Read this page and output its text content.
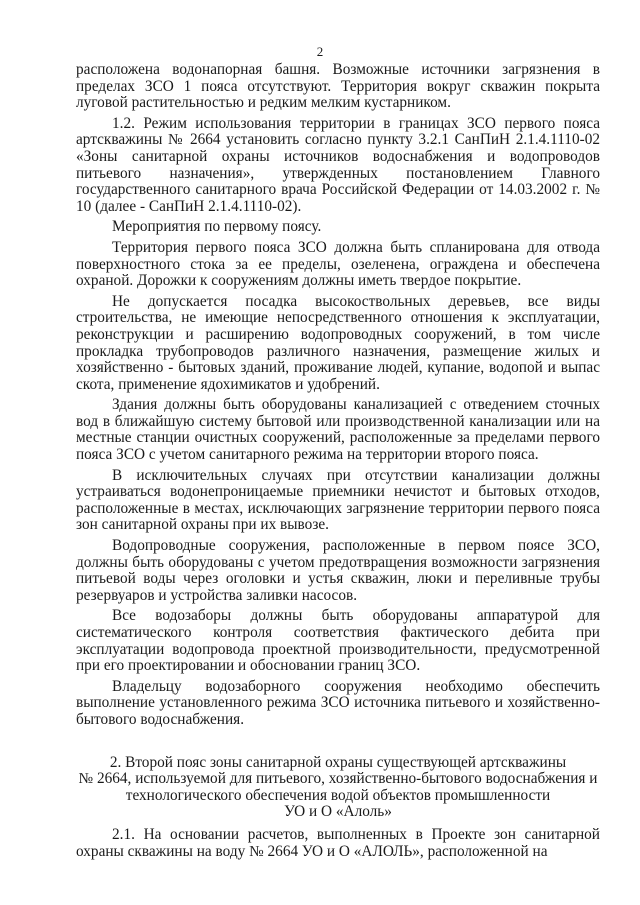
2

расположена водонапорная башня. Возможные источники загрязнения в пределах ЗСО 1 пояса отсутствуют. Территория вокруг скважин покрыта луговой растительностью и редким мелким кустарником.

1.2. Режим использования территории в границах ЗСО первого пояса артскважины № 2664 установить согласно пункту 3.2.1 СанПиН 2.1.4.1110-02 «Зоны санитарной охраны источников водоснабжения и водопроводов питьевого назначения», утвержденных постановлением Главного государственного санитарного врача Российской Федерации от 14.03.2002 г. № 10 (далее - СанПиН 2.1.4.1110-02).

Мероприятия по первому поясу.

Территория первого пояса ЗСО должна быть спланирована для отвода поверхностного стока за ее пределы, озеленена, ограждена и обеспечена охраной. Дорожки к сооружениям должны иметь твердое покрытие.

Не допускается посадка высокоствольных деревьев, все виды строительства, не имеющие непосредственного отношения к эксплуатации, реконструкции и расширению водопроводных сооружений, в том числе прокладка трубопроводов различного назначения, размещение жилых и хозяйственно - бытовых зданий, проживание людей, купание, водопой и выпас скота, применение ядохимикатов и удобрений.

Здания должны быть оборудованы канализацией с отведением сточных вод в ближайшую систему бытовой или производственной канализации или на местные станции очистных сооружений, расположенные за пределами первого пояса ЗСО с учетом санитарного режима на территории второго пояса.

В исключительных случаях при отсутствии канализации должны устраиваться водонепроницаемые приемники нечистот и бытовых отходов, расположенные в местах, исключающих загрязнение территории первого пояса зон санитарной охраны при их вывозе.

Водопроводные сооружения, расположенные в первом поясе ЗСО, должны быть оборудованы с учетом предотвращения возможности загрязнения питьевой воды через оголовки и устья скважин, люки и переливные трубы резервуаров и устройства заливки насосов.

Все водозаборы должны быть оборудованы аппаратурой для систематического контроля соответствия фактического дебита при эксплуатации водопровода проектной производительности, предусмотренной при его проектировании и обосновании границ ЗСО.

Владельцу водозаборного сооружения необходимо обеспечить выполнение установленного режима ЗСО источника питьевого и хозяйственно-бытового водоснабжения.

2. Второй пояс зоны санитарной охраны существующей артскважины
№ 2664, используемой для питьевого, хозяйственно-бытового водоснабжения и
технологического обеспечения водой объектов промышленности
УО и О «Алоль»

2.1. На основании расчетов, выполненных в Проекте зон санитарной охраны скважины на воду № 2664 УО и О «АЛОЛЬ», расположенной на
